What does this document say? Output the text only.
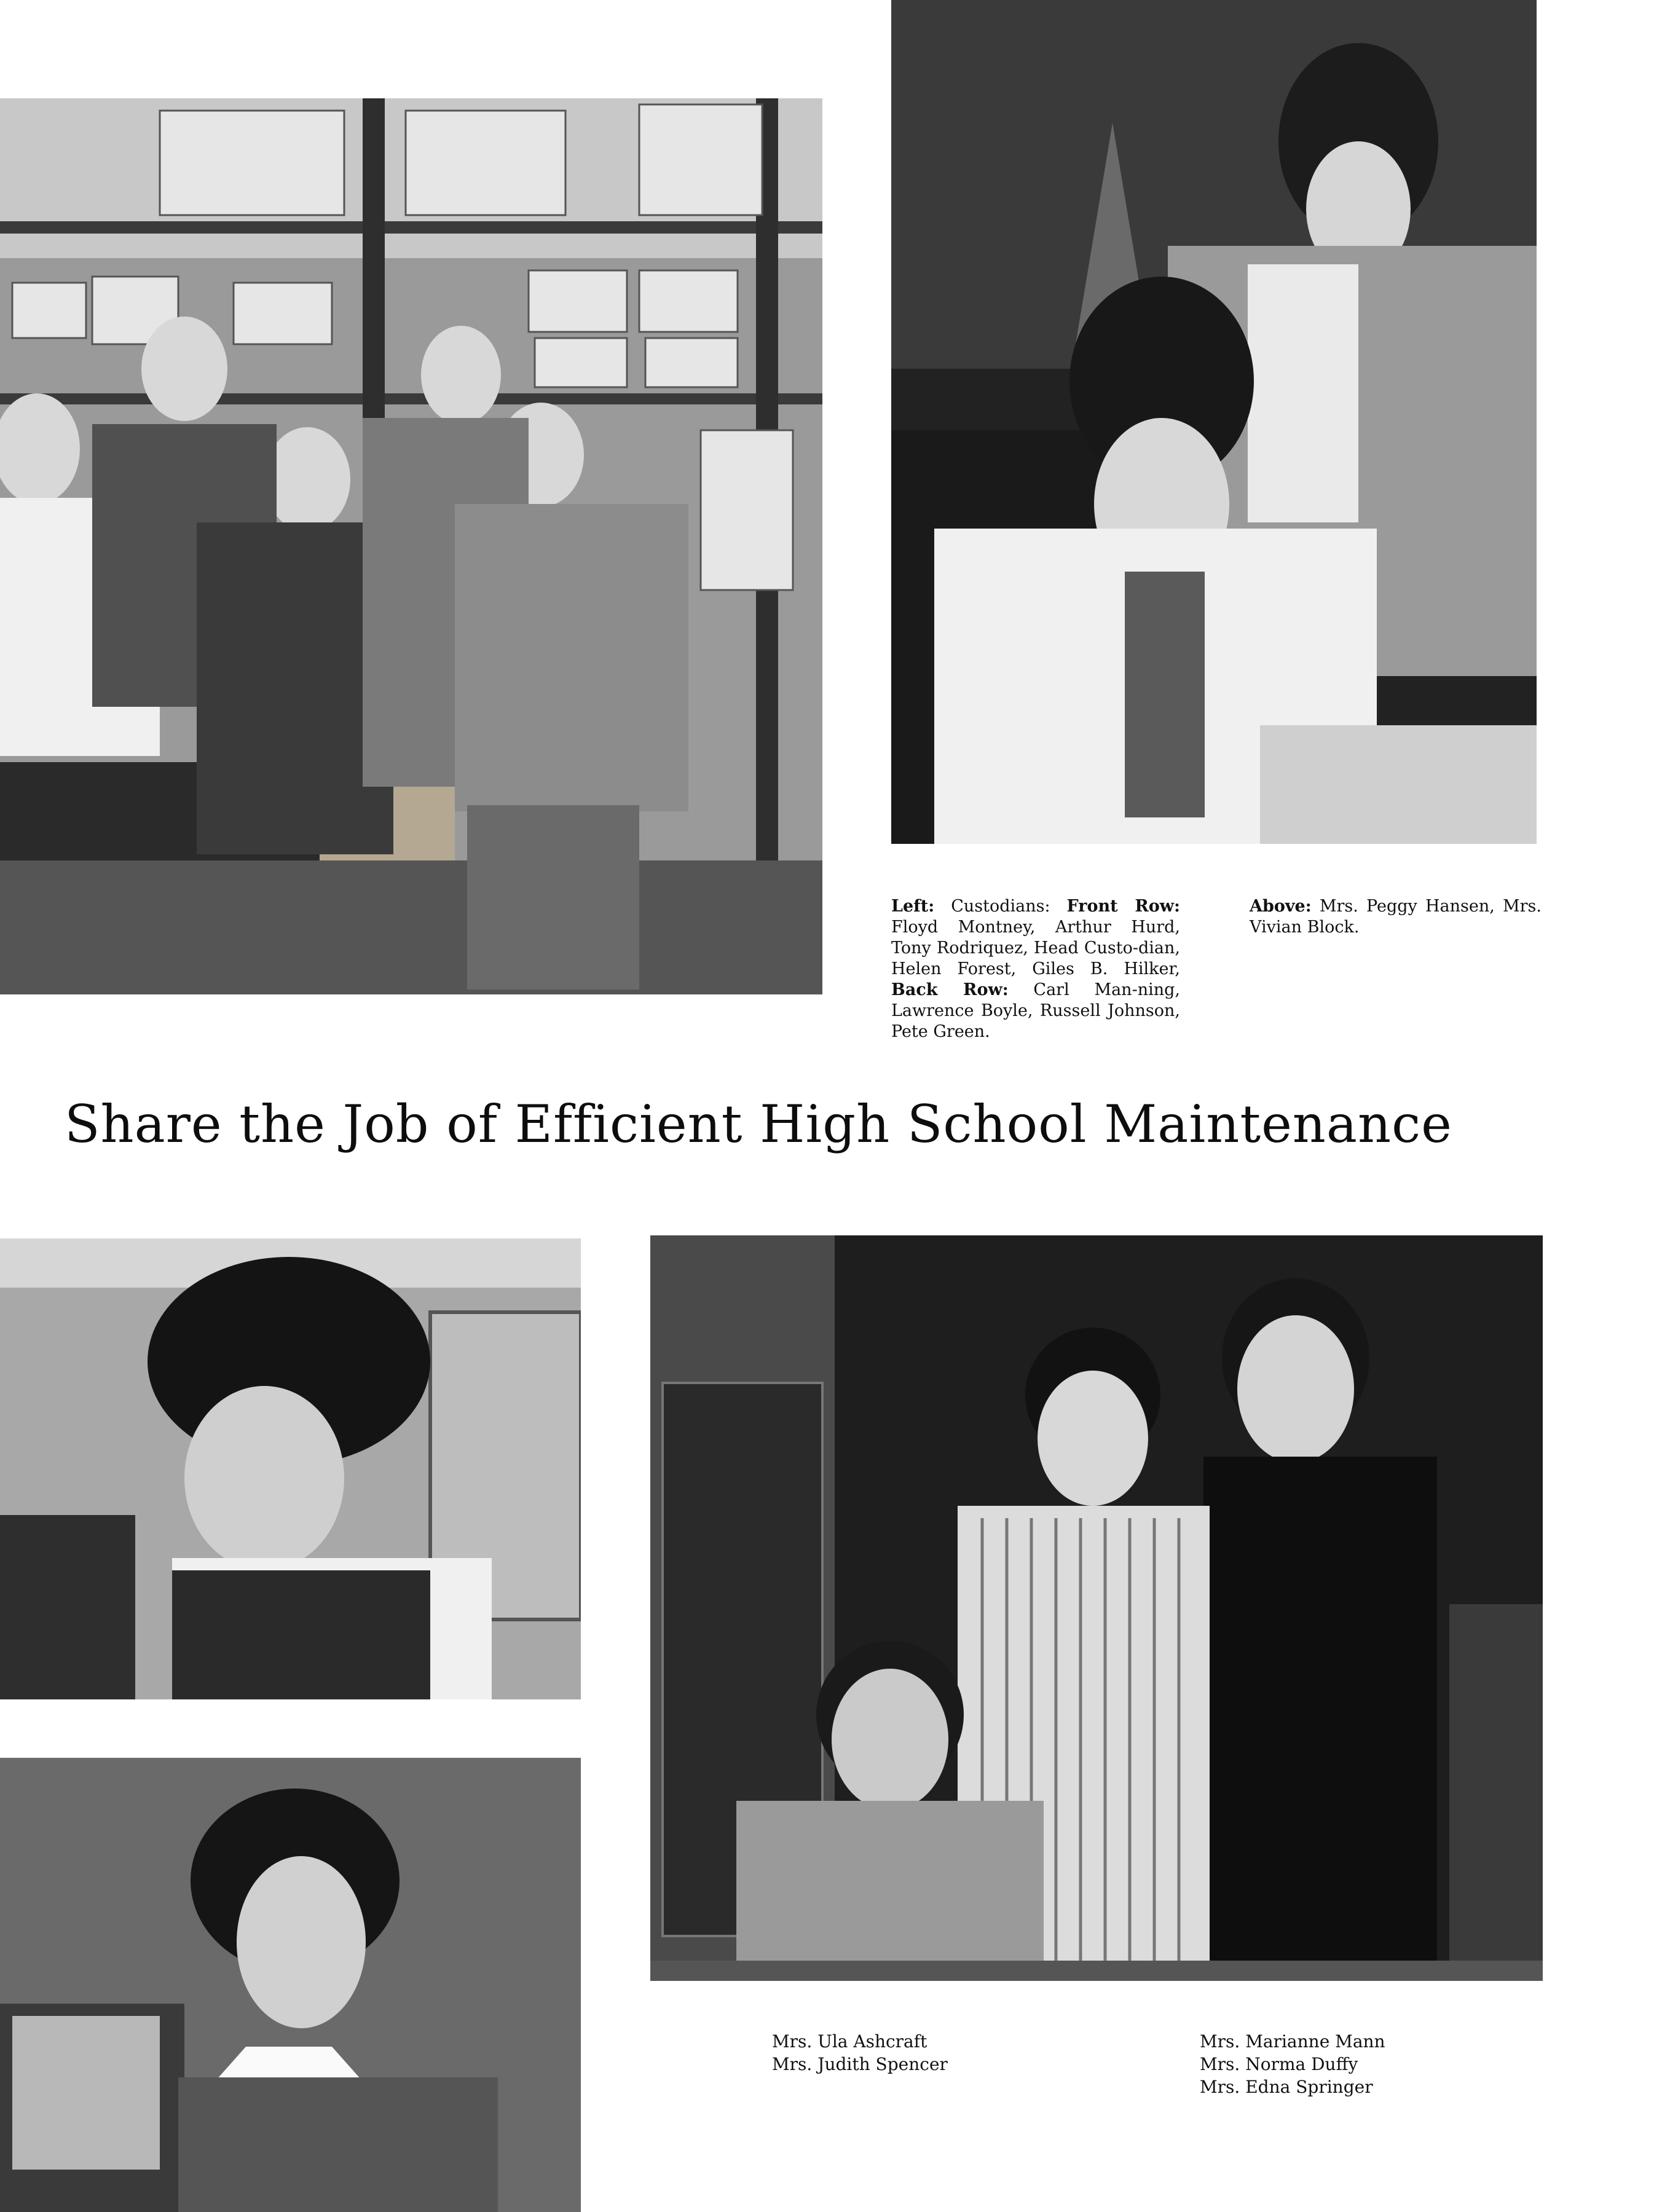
Left: Custodians: Front Row: Floyd Montney, Arthur Hurd, Tony Rodriquez, Head Custo-dian, Helen Forest, Giles B. Hilker, Back Row: Carl Man-ning, Lawrence Boyle, Russell Johnson, Pete Green.

Above: Mrs. Peggy Hansen, Mrs. Vivian Block.

Share the Job of Efficient High School Maintenance
Mrs. Ula Ashcraft
Mrs. Judith Spencer
Mrs. Marianne Mann
Mrs. Norma Duffy
Mrs. Edna Springer
